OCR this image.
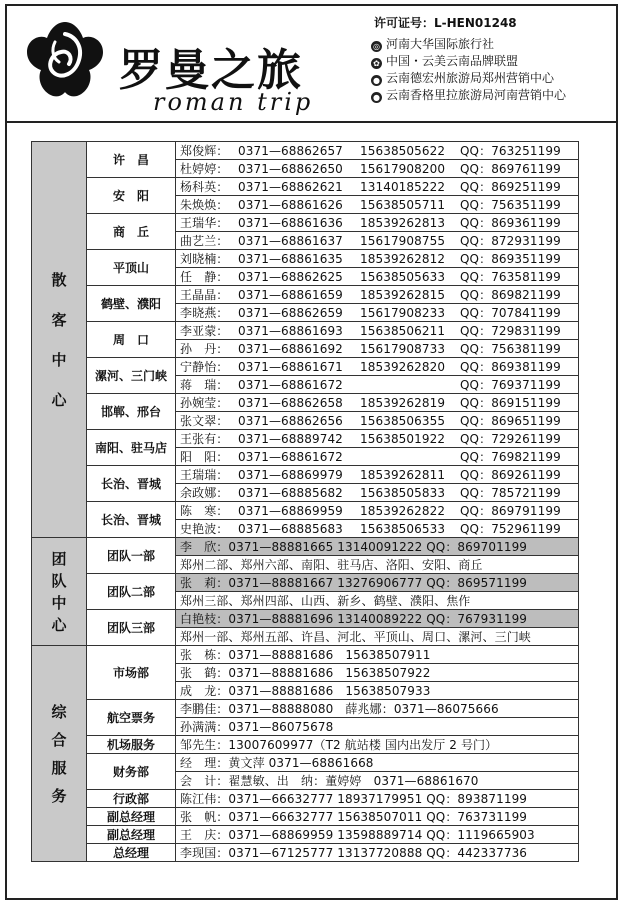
罗曼之旅
roman trip
许可证号：L-HEN01248
◎ 河南大华国际旅行社
✿ 中国・云美云南品牌联盟
● 云南德宏州旅游局郑州营销中心
● 云南香格里拉旅游局河南营销中心
散
客
中
心	许　昌	郑俊辉： 0371—68862657 15638505622 QQ：763251199
		杜婷婷： 0371—68862650 15617908200 QQ：869761199
	安　阳	杨科英： 0371—68862621 13140185222 QQ：869251199
		朱焕焕： 0371—68861626 15638505711 QQ：756351199
	商　丘	王瑞华： 0371—68861636 18539262813 QQ：869361199
		曲艺兰： 0371—68861637 15617908755 QQ：872931199
	平顶山	刘晓楠： 0371—68861635 18539262812 QQ：869351199
		任　静： 0371—68862625 15638505633 QQ：763581199
	鹤壁、濮阳	王晶晶： 0371—68861659 18539262815 QQ：869821199
		李晓燕： 0371—68862659 15617908233 QQ：707841199
	周　口	李亚蒙： 0371—68861693 15638506211 QQ：729831199
		孙　丹： 0371—68861692 15617908733 QQ：756381199
	漯河、三门峡	宁静怡： 0371—68861671 18539262820 QQ：869381199
		蒋　瑞： 0371—68861672 QQ：769371199
	邯郸、邢台	孙婉莹： 0371—68862658 18539262819 QQ：869151199
		张文翠： 0371—68862656 15638506355 QQ：869651199
	南阳、驻马店	王张有： 0371—68889742 15638501922 QQ：729261199
		阳　阳： 0371—68861672 QQ：769821199
	长治、晋城	王瑞瑞： 0371—68869979 18539262811 QQ：869261199
		余政娜： 0371—68885682 15638505833 QQ：785721199
	长治、晋城	陈　寒： 0371—68869959 18539262822 QQ：869791199
		史艳波： 0371—68885683 15638506533 QQ：752961199

团
队
中
心	团队一部	李　欣：0371—88881665 13140091222 QQ：869701199
		郑州二部、郑州六部、南阳、驻马店、洛阳、安阳、商丘
	团队二部	张　莉：0371—88881667 13276906777 QQ：869571199
		郑州三部、郑州四部、山西、新乡、鹤壁、濮阳、焦作
	团队三部	白艳枝：0371—88881696 13140089222 QQ：767931199
		郑州一部、郑州五部、许昌、河北、平顶山、周口、漯河、三门峡

综
合
服
务	市场部	张　栋：0371—88881686　15638507911
		张　鹤：0371—88881686　15638507922
		成　龙：0371—88881686　15638507933
	航空票务	李鹏佳：0371—88888080　薛兆娜：0371—86075666
		孙满满：0371—86075678
	机场服务	邹先生：13007609977（T2 航站楼 国内出发厅 2 号门）
	财务部	经　理：黄文萍 0371—68861668
		会　计：翟慧敏、出　纳：董婷婷　0371—68861670
	行政部	陈江伟：0371—66632777 18937179951 QQ：893871199
	副总经理	张　帆：0371—66632777 15638507011 QQ：763731199
	副总经理	王　庆：0371—68869959 13598889714 QQ：1119665903
	总经理	李现国：0371—67125777 13137720888 QQ：442337736
